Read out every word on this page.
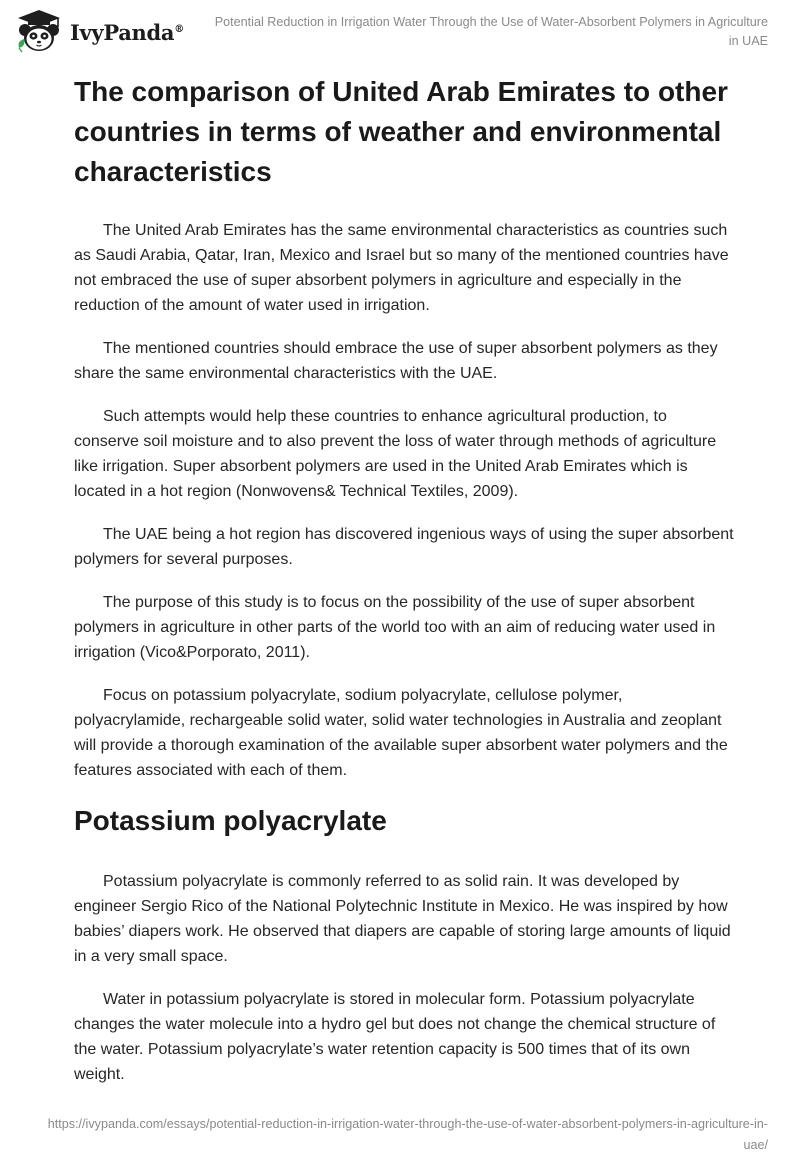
IvyPanda®	Potential Reduction in Irrigation Water Through the Use of Water-Absorbent Polymers in Agriculture in UAE
The comparison of United Arab Emirates to other countries in terms of weather and environmental characteristics

The United Arab Emirates has the same environmental characteristics as countries such as Saudi Arabia, Qatar, Iran, Mexico and Israel but so many of the mentioned countries have not embraced the use of super absorbent polymers in agriculture and especially in the reduction of the amount of water used in irrigation.

The mentioned countries should embrace the use of super absorbent polymers as they share the same environmental characteristics with the UAE.

Such attempts would help these countries to enhance agricultural production, to conserve soil moisture and to also prevent the loss of water through methods of agriculture like irrigation. Super absorbent polymers are used in the United Arab Emirates which is located in a hot region (Nonwovens& Technical Textiles, 2009).

The UAE being a hot region has discovered ingenious ways of using the super absorbent polymers for several purposes.

The purpose of this study is to focus on the possibility of the use of super absorbent polymers in agriculture in other parts of the world too with an aim of reducing water used in irrigation (Vico&Porporato, 2011).

Focus on potassium polyacrylate, sodium polyacrylate, cellulose polymer, polyacrylamide, rechargeable solid water, solid water technologies in Australia and zeoplant will provide a thorough examination of the available super absorbent water polymers and the features associated with each of them.

Potassium polyacrylate

Potassium polyacrylate is commonly referred to as solid rain. It was developed by engineer Sergio Rico of the National Polytechnic Institute in Mexico. He was inspired by how babies’ diapers work. He observed that diapers are capable of storing large amounts of liquid in a very small space.

Water in potassium polyacrylate is stored in molecular form. Potassium polyacrylate changes the water molecule into a hydro gel but does not change the chemical structure of the water. Potassium polyacrylate’s water retention capacity is 500 times that of its own weight.

https://ivypanda.com/essays/potential-reduction-in-irrigation-water-through-the-use-of-water-absorbent-polymers-in-agriculture-in-uae/
